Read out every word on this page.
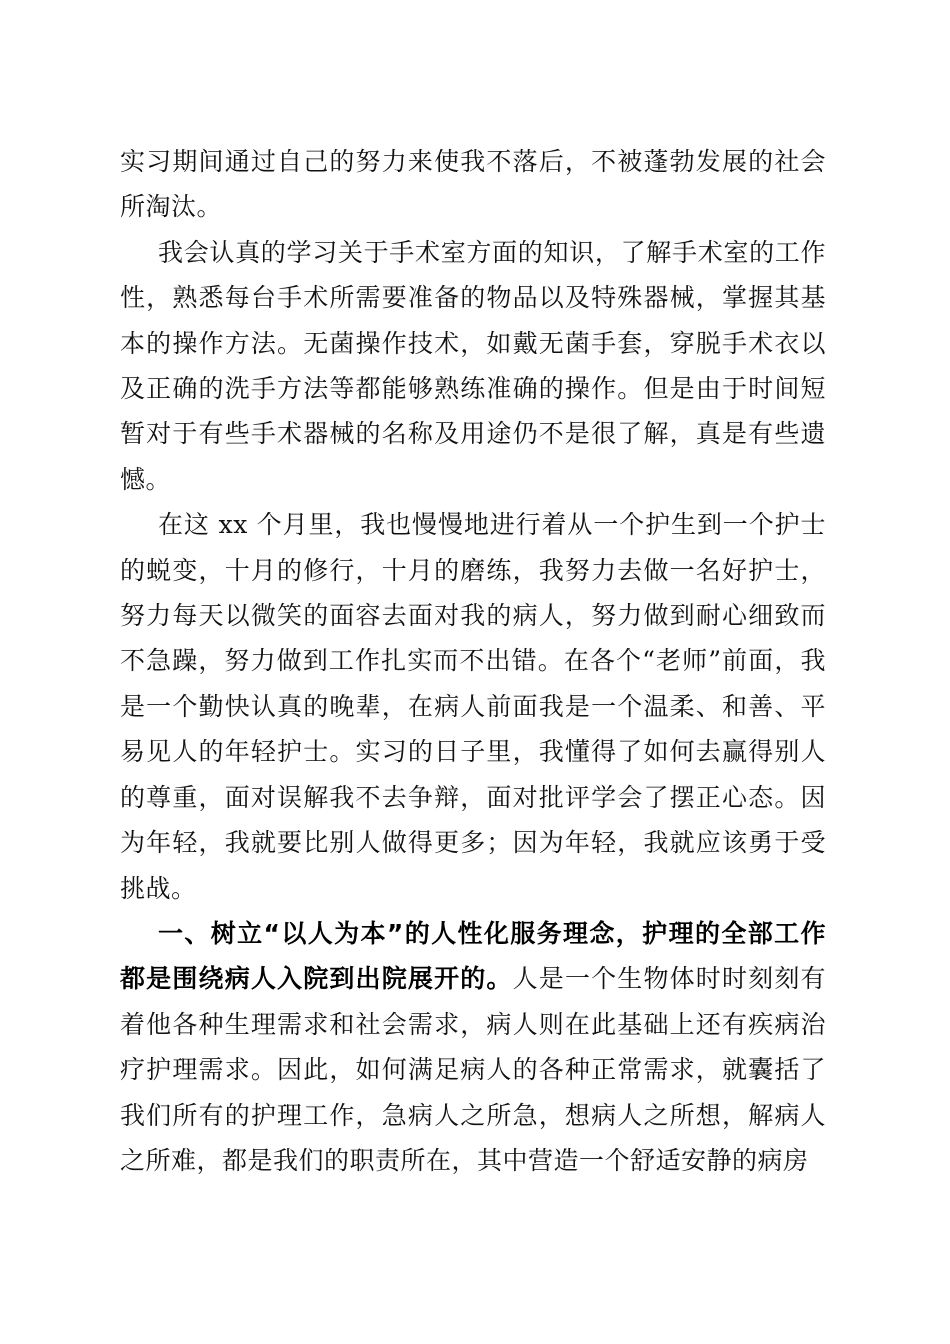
实习期间通过自己的努力来使我不落后，不被蓬勃发展的社会所淘汰。

我会认真的学习关于手术室方面的知识，了解手术室的工作性，熟悉每台手术所需要准备的物品以及特殊器械，掌握其基本的操作方法。无菌操作技术，如戴无菌手套，穿脱手术衣以及正确的洗手方法等都能够熟练准确的操作。但是由于时间短暂对于有些手术器械的名称及用途仍不是很了解，真是有些遗憾。

在这 xx 个月里，我也慢慢地进行着从一个护生到一个护士的蜕变，十月的修行，十月的磨练，我努力去做一名好护士，努力每天以微笑的面容去面对我的病人，努力做到耐心细致而不急躁，努力做到工作扎实而不出错。在各个“老师”前面，我是一个勤快认真的晚辈，在病人前面我是一个温柔、和善、平易见人的年轻护士。实习的日子里，我懂得了如何去赢得别人的尊重，面对误解我不去争辩，面对批评学会了摆正心态。因为年轻，我就要比别人做得更多；因为年轻，我就应该勇于受挑战。

一、树立“以人为本”的人性化服务理念，护理的全部工作都是围绕病人入院到出院展开的。人是一个生物体时时刻刻有着他各种生理需求和社会需求，病人则在此基础上还有疾病治疗护理需求。因此，如何满足病人的各种正常需求，就囊括了我们所有的护理工作，急病人之所急，想病人之所想，解病人之所难，都是我们的职责所在，其中营造一个舒适安静的病房
